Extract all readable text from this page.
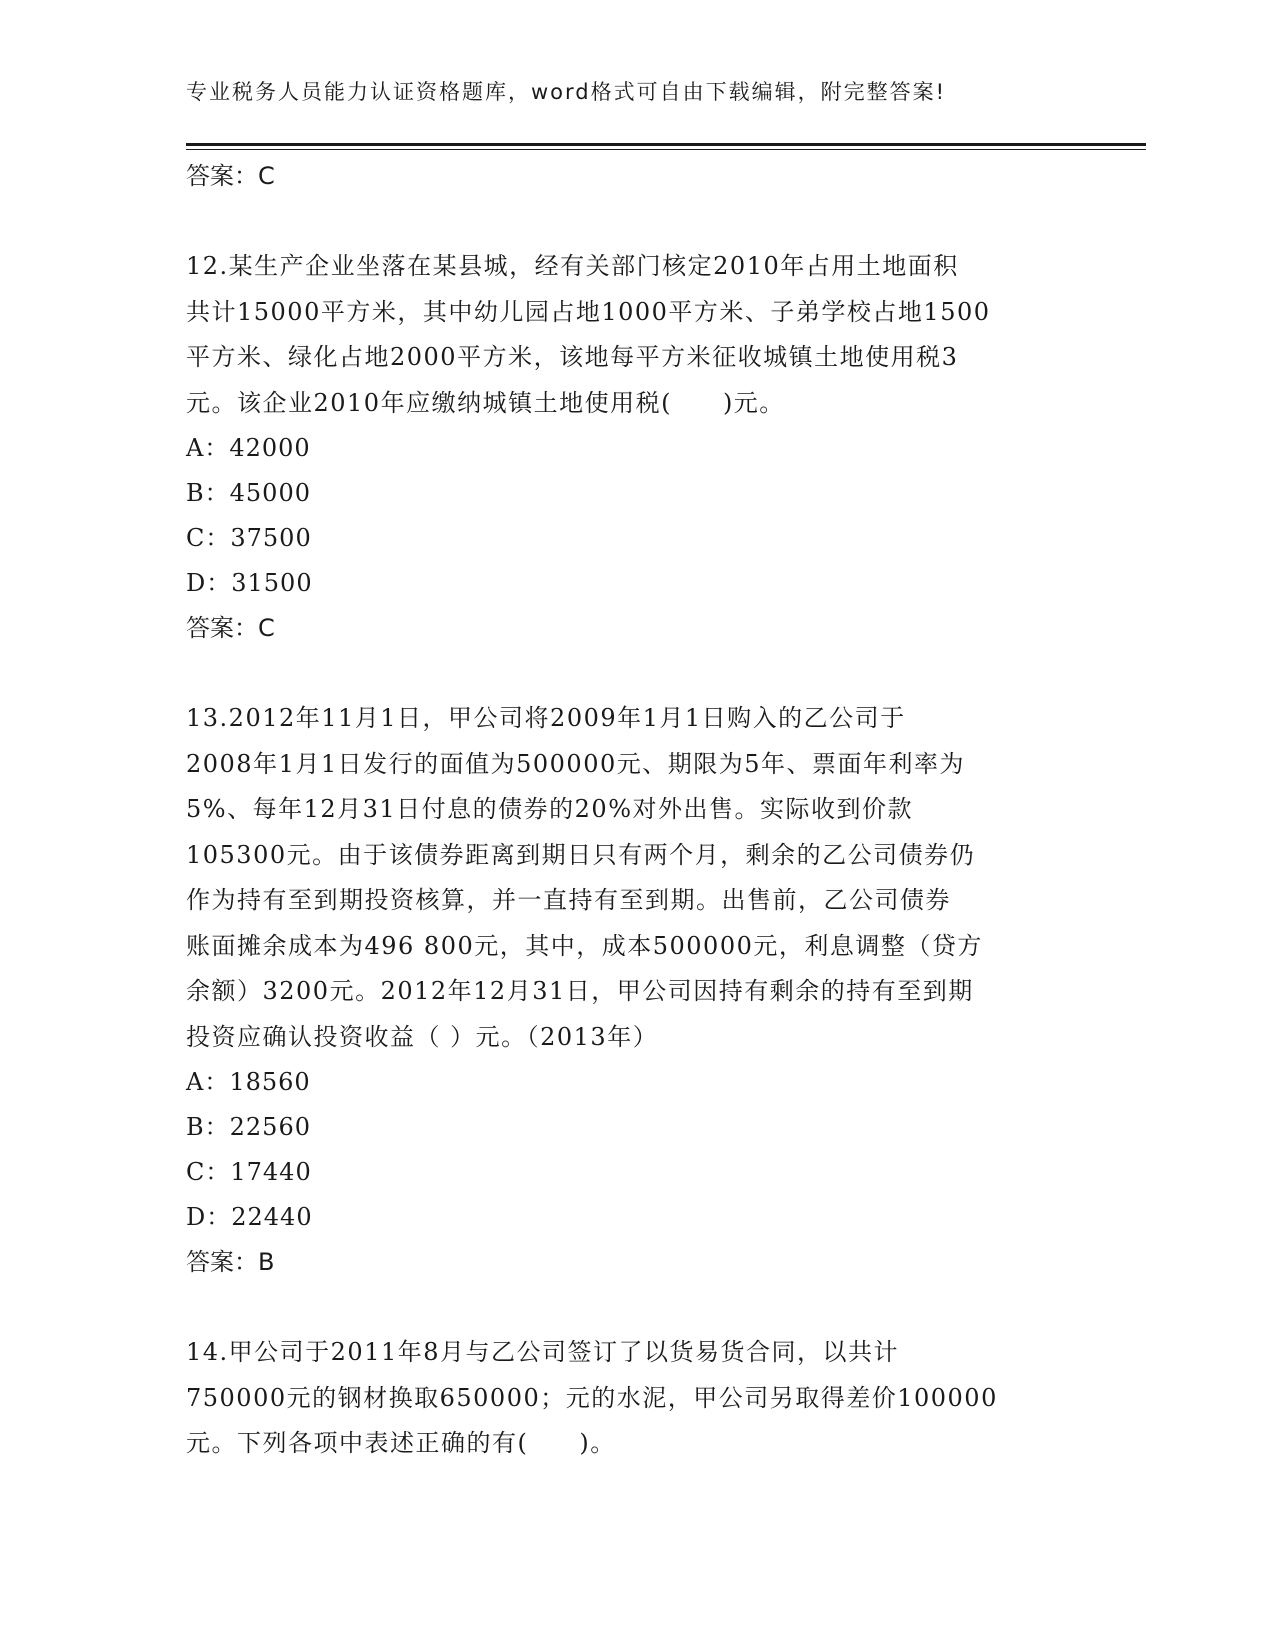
专业税务人员能力认证资格题库，word格式可自由下载编辑，附完整答案!
答案：C
12.某生产企业坐落在某县城，经有关部门核定2010年占用土地面积
共计15000平方米，其中幼儿园占地1000平方米、子弟学校占地1500
平方米、绿化占地2000平方米，该地每平方米征收城镇土地使用税3
元。该企业2010年应缴纳城镇土地使用税(　　)元。
A：42000
B：45000
C：37500
D：31500
答案：C
13.2012年11月1日，甲公司将2009年1月1日购入的乙公司于
2008年1月1日发行的面值为500000元、期限为5年、票面年利率为
5%、每年12月31日付息的债券的20%对外出售。实际收到价款
105300元。由于该债券距离到期日只有两个月，剩余的乙公司债券仍
作为持有至到期投资核算，并一直持有至到期。出售前，乙公司债券
账面摊余成本为496 800元，其中，成本500000元，利息调整（贷方
余额）3200元。2012年12月31日，甲公司因持有剩余的持有至到期
投资应确认投资收益（ ）元。（2013年）
A：18560
B：22560
C：17440
D：22440
答案：B
14.甲公司于2011年8月与乙公司签订了以货易货合同，以共计
750000元的钢材换取650000；元的水泥，甲公司另取得差价100000
元。下列各项中表述正确的有(　　)。
